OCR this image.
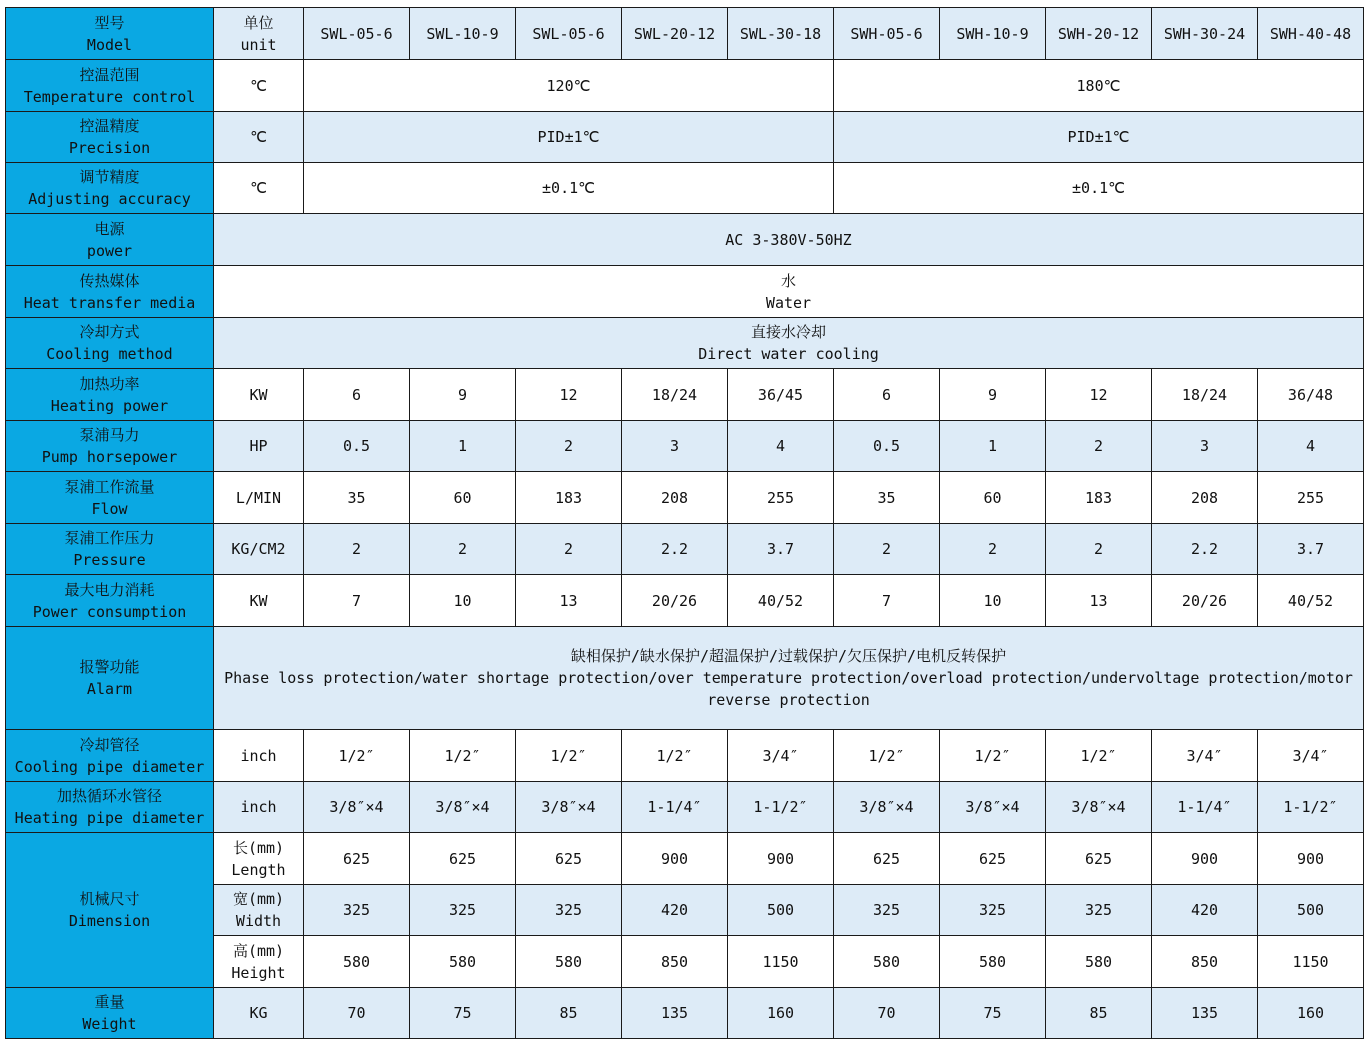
型号
Model	单位
unit	SWL-05-6	SWL-10-9	SWL-05-6	SWL-20-12	SWL-30-18	SWH-05-6	SWH-10-9	SWH-20-12	SWH-30-24	SWH-40-48

控温范围
Temperature control	℃	120℃					180℃				

控温精度
Precision	℃	PID±1℃					PID±1℃				

调节精度
Adjusting accuracy	℃	±0.1℃					±0.1℃				

电源
power	AC 3-380V-50HZ										

传热媒体
Heat transfer media	水
Water										

冷却方式
Cooling method	直接水冷却
Direct water cooling										

加热功率
Heating power	KW	6	9	12	18/24	36/45	6	9	12	18/24	36/48

泵浦马力
Pump horsepower	HP	0.5	1	2	3	4	0.5	1	2	3	4

泵浦工作流量
Flow	L/MIN	35	60	183	208	255	35	60	183	208	255

泵浦工作压力
Pressure	KG/CM2	2	2	2	2.2	3.7	2	2	2	2.2	3.7

最大电力消耗
Power consumption	KW	7	10	13	20/26	40/52	7	10	13	20/26	40/52

报警功能
Alarm	缺相保护/缺水保护/超温保护/过载保护/欠压保护/电机反转保护
Phase loss protection/water shortage protection/over temperature protection/overload protection/undervoltage protection/motor
reverse protection										

冷却管径
Cooling pipe diameter	inch	1/2″	1/2″	1/2″	1/2″	3/4″	1/2″	1/2″	1/2″	3/4″	3/4″

加热循环水管径
Heating pipe diameter	inch	3/8″×4	3/8″×4	3/8″×4	1-1/4″	1-1/2″	3/8″×4	3/8″×4	3/8″×4	1-1/4″	1-1/2″

机械尺寸
Dimension	长(mm)
Length	625	625	625	900	900	625	625	625	900	900

	宽(mm)
Width	325	325	325	420	500	325	325	325	420	500

	高(mm)
Height	580	580	580	850	1150	580	580	580	850	1150

重量
Weight	KG	70	75	85	135	160	70	75	85	135	160
